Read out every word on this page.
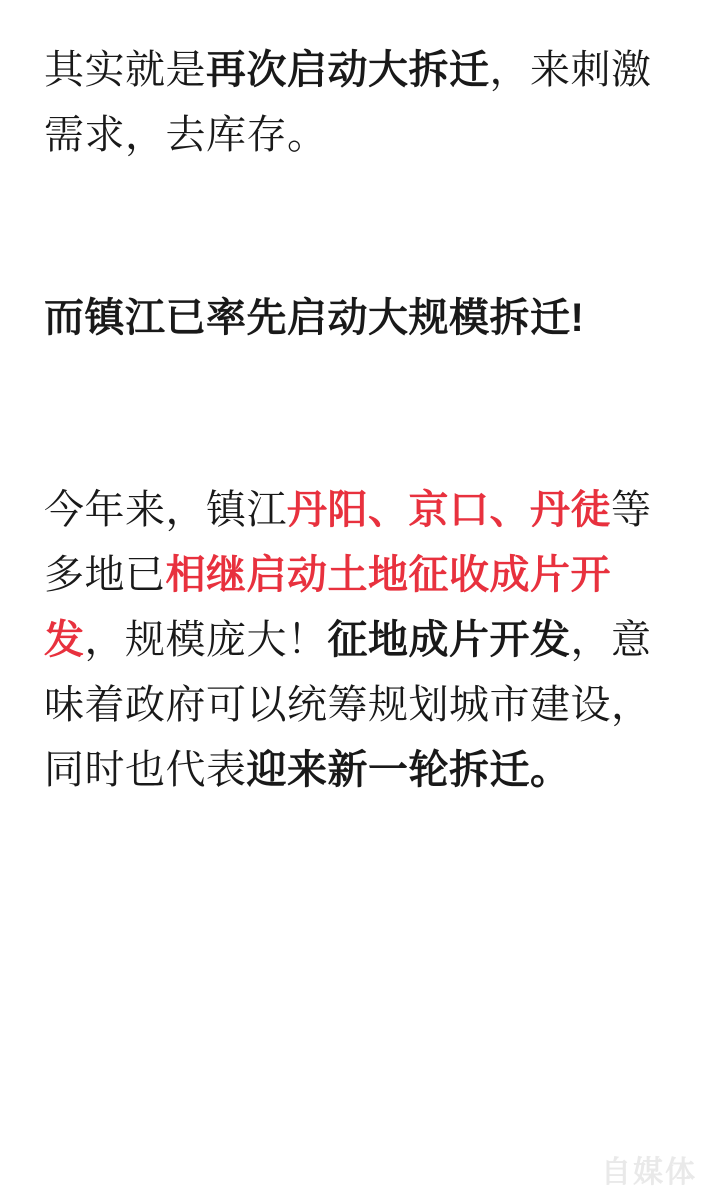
其实就是再次启动大拆迁，来刺激需求，去库存。

而镇江已率先启动大规模拆迁!

今年来，镇江丹阳、京口、丹徒等多地已相继启动土地征收成片开发，规模庞大！征地成片开发，意味着政府可以统筹规划城市建设，同时也代表迎来新一轮拆迁。

自媒体
